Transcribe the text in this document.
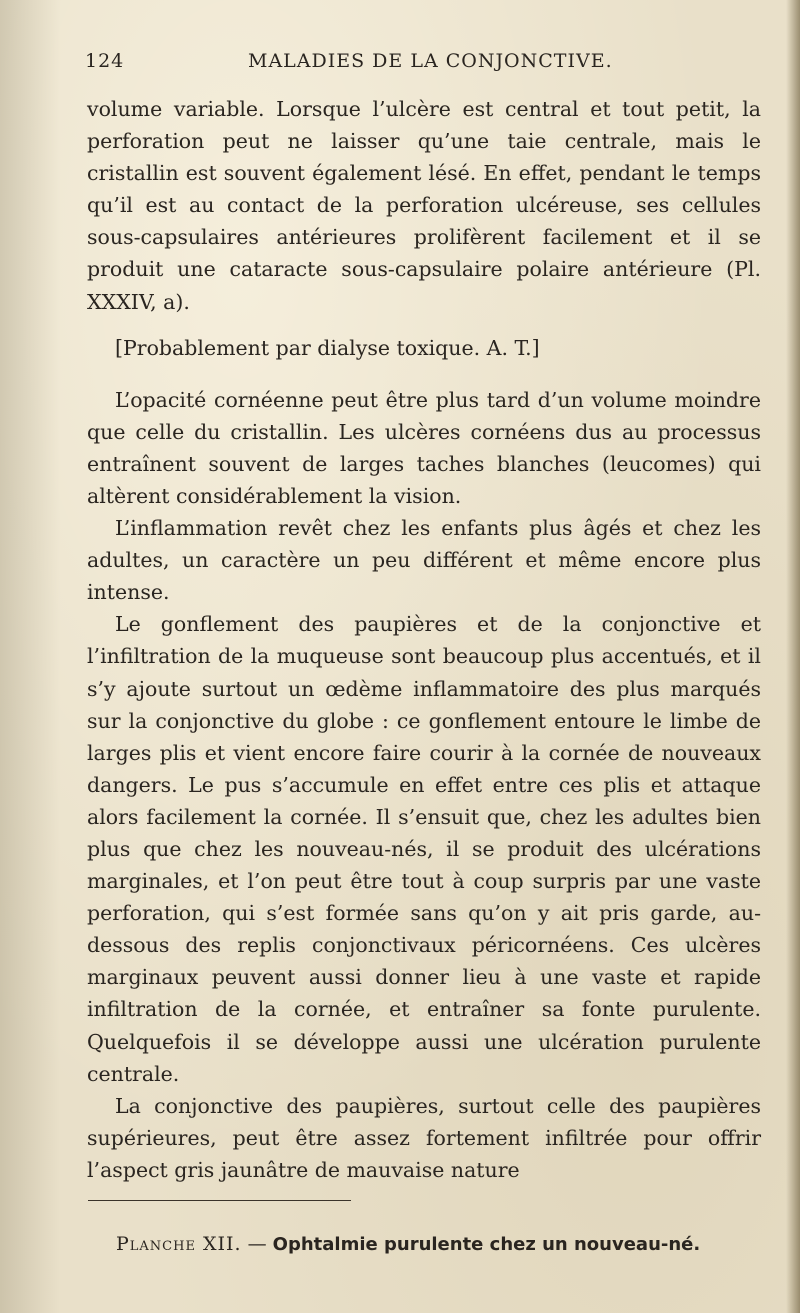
124	MALADIES DE LA CONJONCTIVE.

volume variable. Lorsque l’ulcère est central et tout petit, la perforation peut ne laisser qu’une taie centrale, mais le cristallin est souvent également lésé. En effet, pendant le temps qu’il est au contact de la perforation ulcéreuse, ses cellules sous-capsulaires antérieures prolifèrent facilement et il se produit une cataracte sous-capsulaire polaire antérieure (Pl. XXXIV, a).

[Probablement par dialyse toxique. A. T.]

L’opacité cornéenne peut être plus tard d’un volume moindre que celle du cristallin. Les ulcères cornéens dus au processus entraînent souvent de larges taches blanches (leucomes) qui altèrent considérablement la vision.

L’inflammation revêt chez les enfants plus âgés et chez les adultes, un caractère un peu différent et même encore plus intense.

Le gonflement des paupières et de la conjonctive et l’infiltration de la muqueuse sont beaucoup plus accentués, et il s’y ajoute surtout un œdème inflammatoire des plus marqués sur la conjonctive du globe : ce gonflement entoure le limbe de larges plis et vient encore faire courir à la cornée de nouveaux dangers. Le pus s’accumule en effet entre ces plis et attaque alors facilement la cornée. Il s’ensuit que, chez les adultes bien plus que chez les nouveau-nés, il se produit des ulcérations marginales, et l’on peut être tout à coup surpris par une vaste perforation, qui s’est formée sans qu’on y ait pris garde, au-dessous des replis conjonctivaux péricornéens. Ces ulcères marginaux peuvent aussi donner lieu à une vaste et rapide infiltration de la cornée, et entraîner sa fonte purulente. Quelquefois il se développe aussi une ulcération purulente centrale.

La conjonctive des paupières, surtout celle des paupières supérieures, peut être assez fortement infiltrée pour offrir l’aspect gris jaunâtre de mauvaise nature

Planche XII. — Ophtalmie purulente chez un nouveau-né.
